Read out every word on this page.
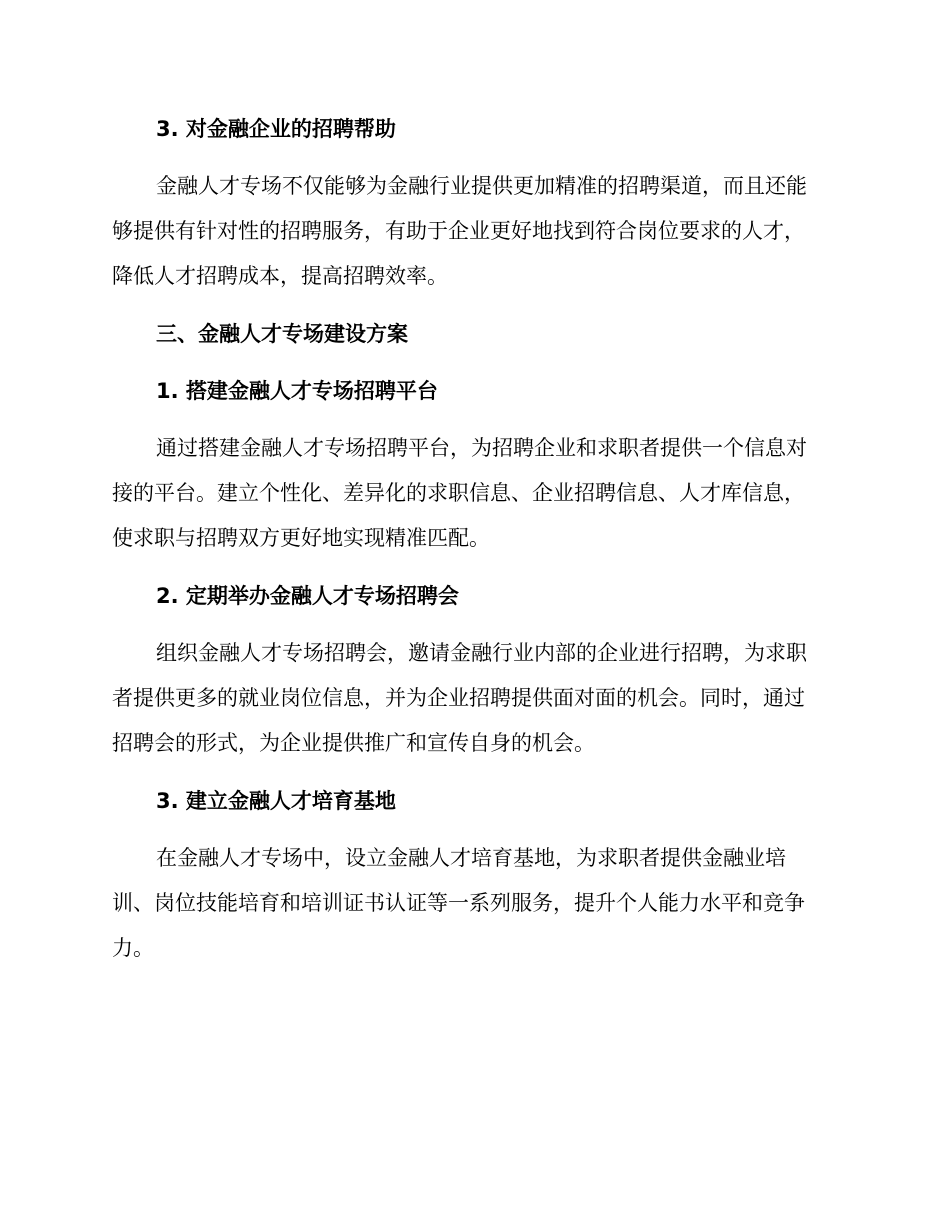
3. 对金融企业的招聘帮助

金融人才专场不仅能够为金融行业提供更加精准的招聘渠道，而且还能
够提供有针对性的招聘服务，有助于企业更好地找到符合岗位要求的人才，
降低人才招聘成本，提高招聘效率。

三、金融人才专场建设方案
1. 搭建金融人才专场招聘平台

通过搭建金融人才专场招聘平台，为招聘企业和求职者提供一个信息对
接的平台。建立个性化、差异化的求职信息、企业招聘信息、人才库信息，
使求职与招聘双方更好地实现精准匹配。

2. 定期举办金融人才专场招聘会

组织金融人才专场招聘会，邀请金融行业内部的企业进行招聘，为求职
者提供更多的就业岗位信息，并为企业招聘提供面对面的机会。同时，通过
招聘会的形式，为企业提供推广和宣传自身的机会。

3. 建立金融人才培育基地

在金融人才专场中，设立金融人才培育基地，为求职者提供金融业培
训、岗位技能培育和培训证书认证等一系列服务，提升个人能力水平和竞争
力。
